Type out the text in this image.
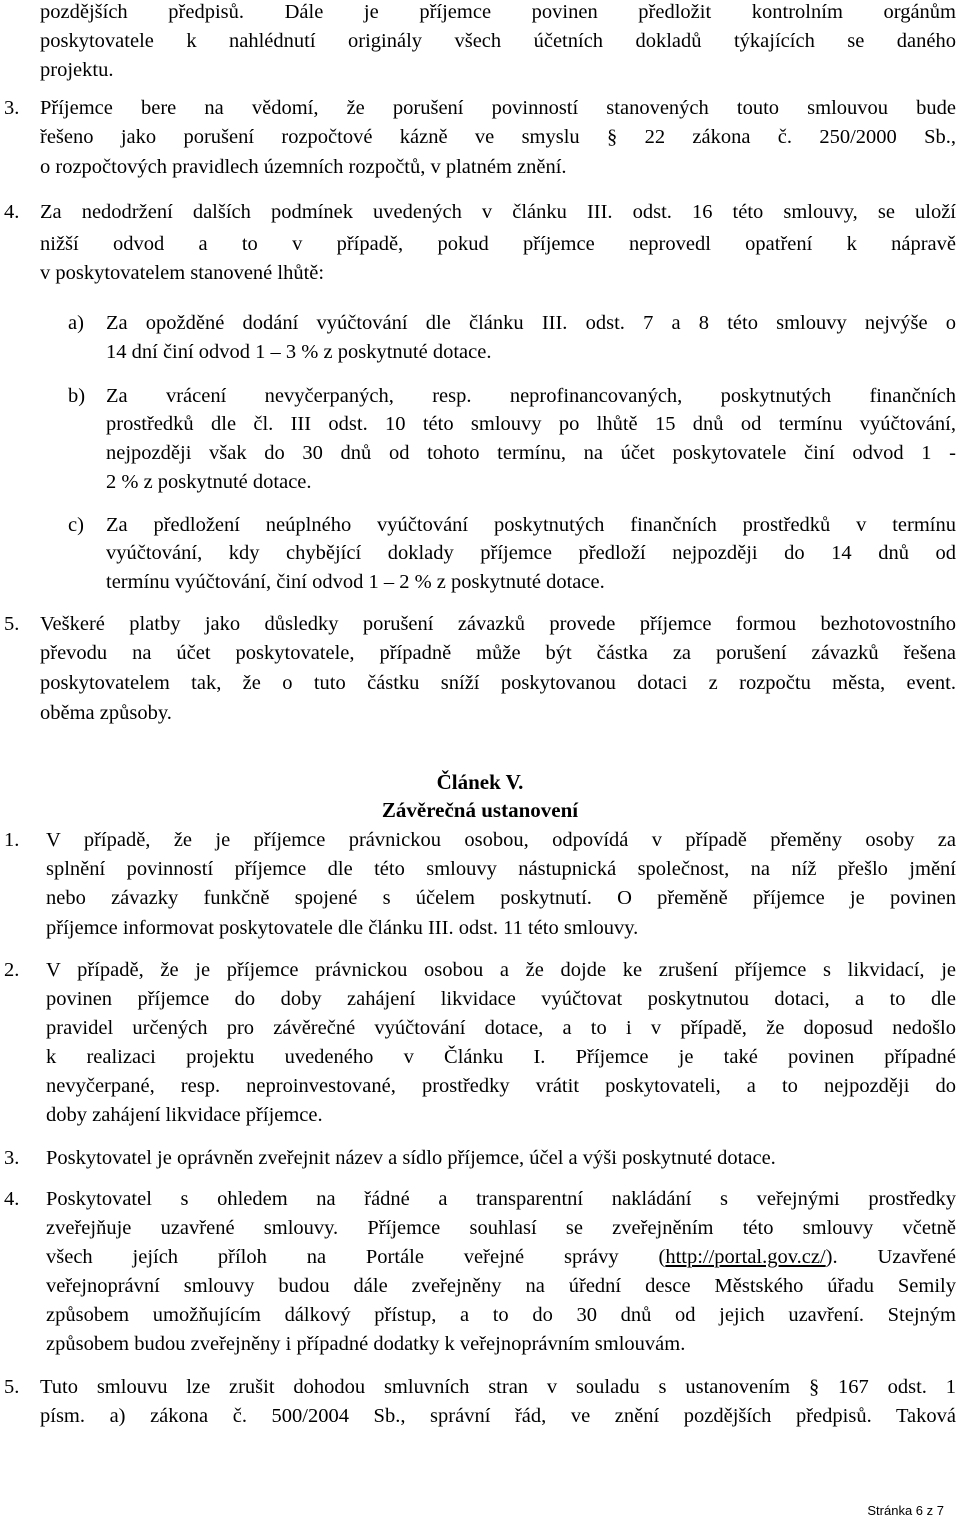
pozdějších předpisů. Dále je příjemce povinen předložit kontrolním orgánům
poskytovatele k nahlédnutí originály všech účetních dokladů týkajících se daného
projektu.
3. Příjemce bere na vědomí, že porušení povinností stanovených touto smlouvou bude
řešeno jako porušení rozpočtové kázně ve smyslu § 22 zákona č. 250/2000 Sb.,
o rozpočtových pravidlech územních rozpočtů, v platném znění.
4. Za nedodržení dalších podmínek uvedených v článku III. odst. 16 této smlouvy, se uloží
nižší odvod a to v případě, pokud příjemce neprovedl opatření k nápravě
v poskytovatelem stanovené lhůtě:
a) Za opožděné dodání vyúčtování dle článku III. odst. 7 a 8 této smlouvy nejvýše o
14 dní činí odvod 1 – 3 % z poskytnuté dotace.
b) Za vrácení nevyčerpaných, resp. neprofinancovaných, poskytnutých finančních
prostředků dle čl. III odst. 10 této smlouvy po lhůtě 15 dnů od termínu vyúčtování,
nejpozději však do 30 dnů od tohoto termínu, na účet poskytovatele činí odvod 1 -
2 % z poskytnuté dotace.
c) Za předložení neúplného vyúčtování poskytnutých finančních prostředků v termínu
vyúčtování, kdy chybějící doklady příjemce předloží nejpozději do 14 dnů od
termínu vyúčtování, činí odvod 1 – 2 % z poskytnuté dotace.
5. Veškeré platby jako důsledky porušení závazků provede příjemce formou bezhotovostního
převodu na účet poskytovatele, případně může být částka za porušení závazků řešena
poskytovatelem tak, že o tuto částku sníží poskytovanou dotaci z rozpočtu města, event.
oběma způsoby.
Článek V.
Závěrečná ustanovení
1. V případě, že je příjemce právnickou osobou, odpovídá v případě přeměny osoby za
splnění povinností příjemce dle této smlouvy nástupnická společnost, na níž přešlo jmění
nebo závazky funkčně spojené s účelem poskytnutí. O přeměně příjemce je povinen
příjemce informovat poskytovatele dle článku III. odst. 11 této smlouvy.
2. V případě, že je příjemce právnickou osobou a že dojde ke zrušení příjemce s likvidací, je
povinen příjemce do doby zahájení likvidace vyúčtovat poskytnutou dotaci, a to dle
pravidel určených pro závěrečné vyúčtování dotace, a to i v případě, že doposud nedošlo
k realizaci projektu uvedeného v Článku I. Příjemce je také povinen případné
nevyčerpané, resp. neproinvestované, prostředky vrátit poskytovateli, a to nejpozději do
doby zahájení likvidace příjemce.
3. Poskytovatel je oprávněn zveřejnit název a sídlo příjemce, účel a výši poskytnuté dotace.
4. Poskytovatel s ohledem na řádné a transparentní nakládání s veřejnými prostředky
zveřejňuje uzavřené smlouvy. Příjemce souhlasí se zveřejněním této smlouvy včetně
všech jejích příloh na Portále veřejné správy (http://portal.gov.cz/). Uzavřené
veřejnoprávní smlouvy budou dále zveřejněny na úřední desce Městského úřadu Semily
způsobem umožňujícím dálkový přístup, a to do 30 dnů od jejich uzavření. Stejným
způsobem budou zveřejněny i případné dodatky k veřejnoprávním smlouvám.
5. Tuto smlouvu lze zrušit dohodou smluvních stran v souladu s ustanovením § 167 odst. 1
písm. a) zákona č. 500/2004 Sb., správní řád, ve znění pozdějších předpisů. Taková
Stránka 6 z 7
